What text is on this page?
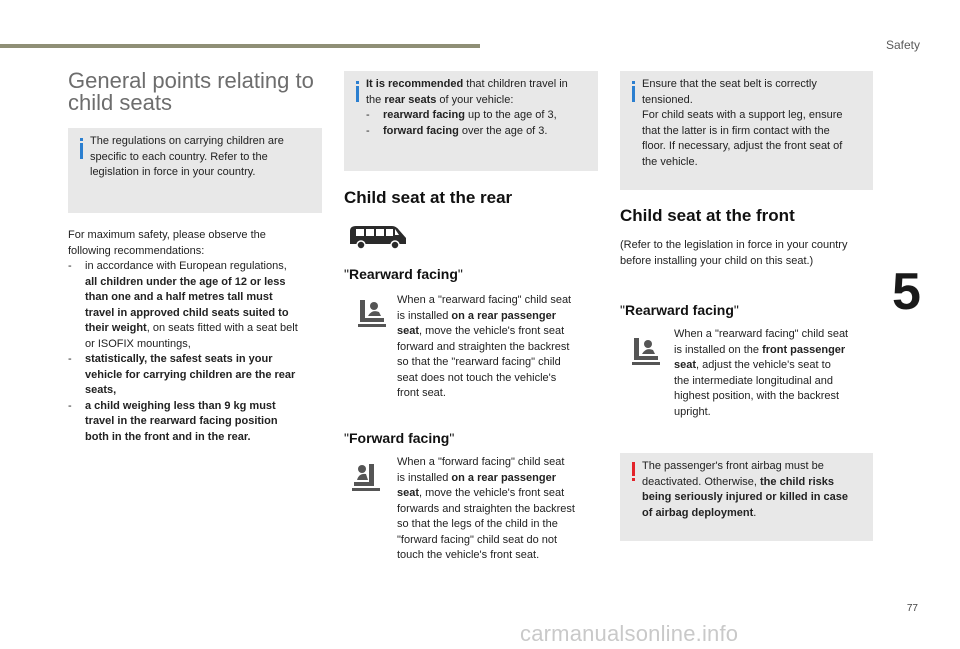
Safety
5
77
carmanualsonline.info
General points relating to
child seats
The regulations on carrying children are specific to each country. Refer to the legislation in force in your country.
For maximum safety, please observe the
following recommendations:
- in accordance with European regulations,
all children under the age of 12 or less
than one and a half metres tall must
travel in approved child seats suited to
their weight, on seats fitted with a seat belt
or ISOFIX mountings,
- statistically, the safest seats in your
vehicle for carrying children are the rear
seats,
- a child weighing less than 9 kg must
travel in the rearward facing position
both in the front and in the rear.
It is recommended that children travel in
the rear seats of your vehicle:
- rearward facing up to the age of 3,
- forward facing over the age of 3.
Child seat at the rear
"Rearward facing"
When a "rearward facing" child seat
is installed on a rear passenger
seat, move the vehicle's front seat
forward and straighten the backrest
so that the "rearward facing" child
seat does not touch the vehicle's
front seat.
"Forward facing"
When a "forward facing" child seat
is installed on a rear passenger
seat, move the vehicle's front seat
forwards and straighten the backrest
so that the legs of the child in the
"forward facing" child seat do not
touch the vehicle's front seat.
Ensure that the seat belt is correctly
tensioned.
For child seats with a support leg, ensure
that the latter is in firm contact with the
floor. If necessary, adjust the front seat of
the vehicle.
Child seat at the front
(Refer to the legislation in force in your country
before installing your child on this seat.)
"Rearward facing"
When a "rearward facing" child seat
is installed on the front passenger
seat, adjust the vehicle's seat to
the intermediate longitudinal and
highest position, with the backrest
upright.
The passenger's front airbag must be
deactivated. Otherwise, the child risks
being seriously injured or killed in case
of airbag deployment.
